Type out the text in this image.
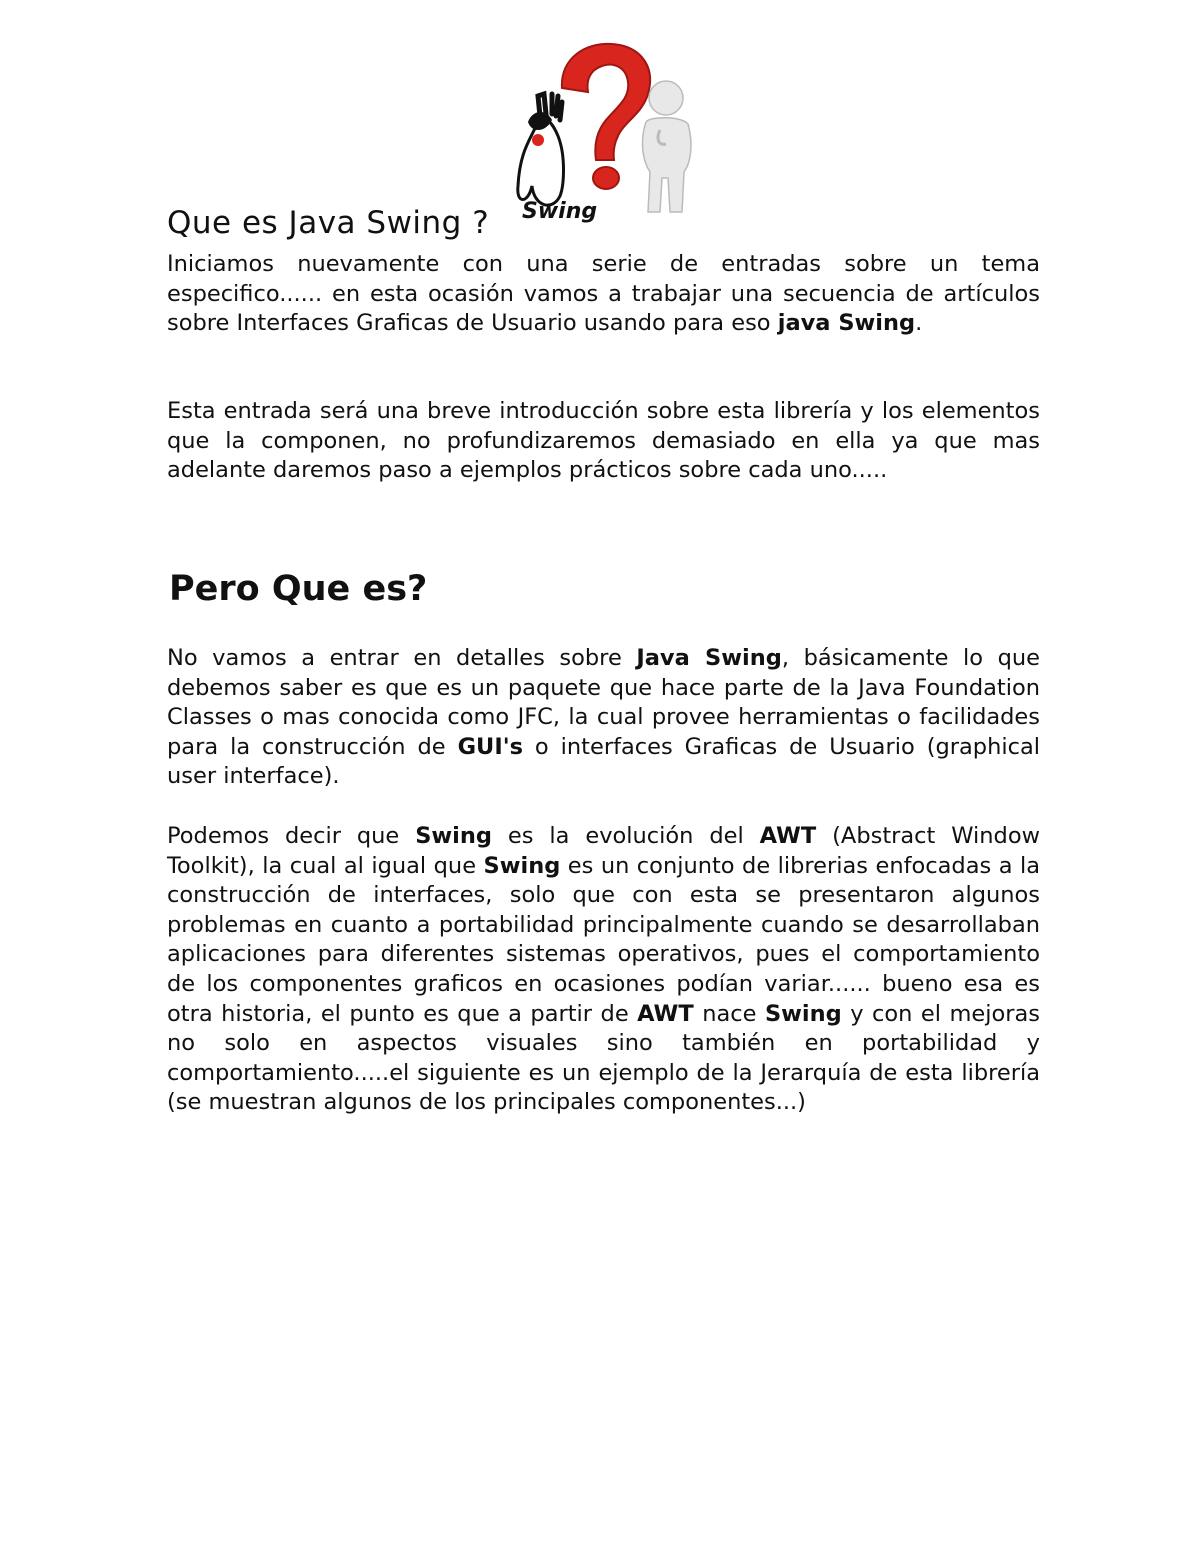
Swing
Que es Java Swing ?

Iniciamos nuevamente con una serie de entradas sobre un tema especifico...... en esta ocasión vamos a trabajar una secuencia de artículos sobre Interfaces Graficas de Usuario usando para eso java Swing.

Esta entrada será una breve introducción sobre esta librería y los elementos que la componen, no profundizaremos demasiado en ella ya que mas adelante daremos paso a ejemplos prácticos sobre cada uno.....

Pero Que es?

No vamos a entrar en detalles sobre Java Swing, básicamente lo que debemos saber es que es un paquete que hace parte de la Java Foundation Classes o mas conocida como JFC, la cual provee herramientas o facilidades para la construcción de GUI's o interfaces Graficas de Usuario (graphical user interface).

Podemos decir que Swing es la evolución del AWT (Abstract Window Toolkit), la cual al igual que Swing es un conjunto de librerias enfocadas a la construcción de interfaces, solo que con esta se presentaron algunos problemas en cuanto a portabilidad principalmente cuando se desarrollaban aplicaciones para diferentes sistemas operativos, pues el comportamiento de los componentes graficos en ocasiones podían variar...... bueno esa es otra historia, el punto es que a partir de AWT nace Swing y con el mejoras no solo en aspectos visuales sino también en portabilidad y comportamiento.....el siguiente es un ejemplo de la Jerarquía de esta librería (se muestran algunos de los principales componentes...)
